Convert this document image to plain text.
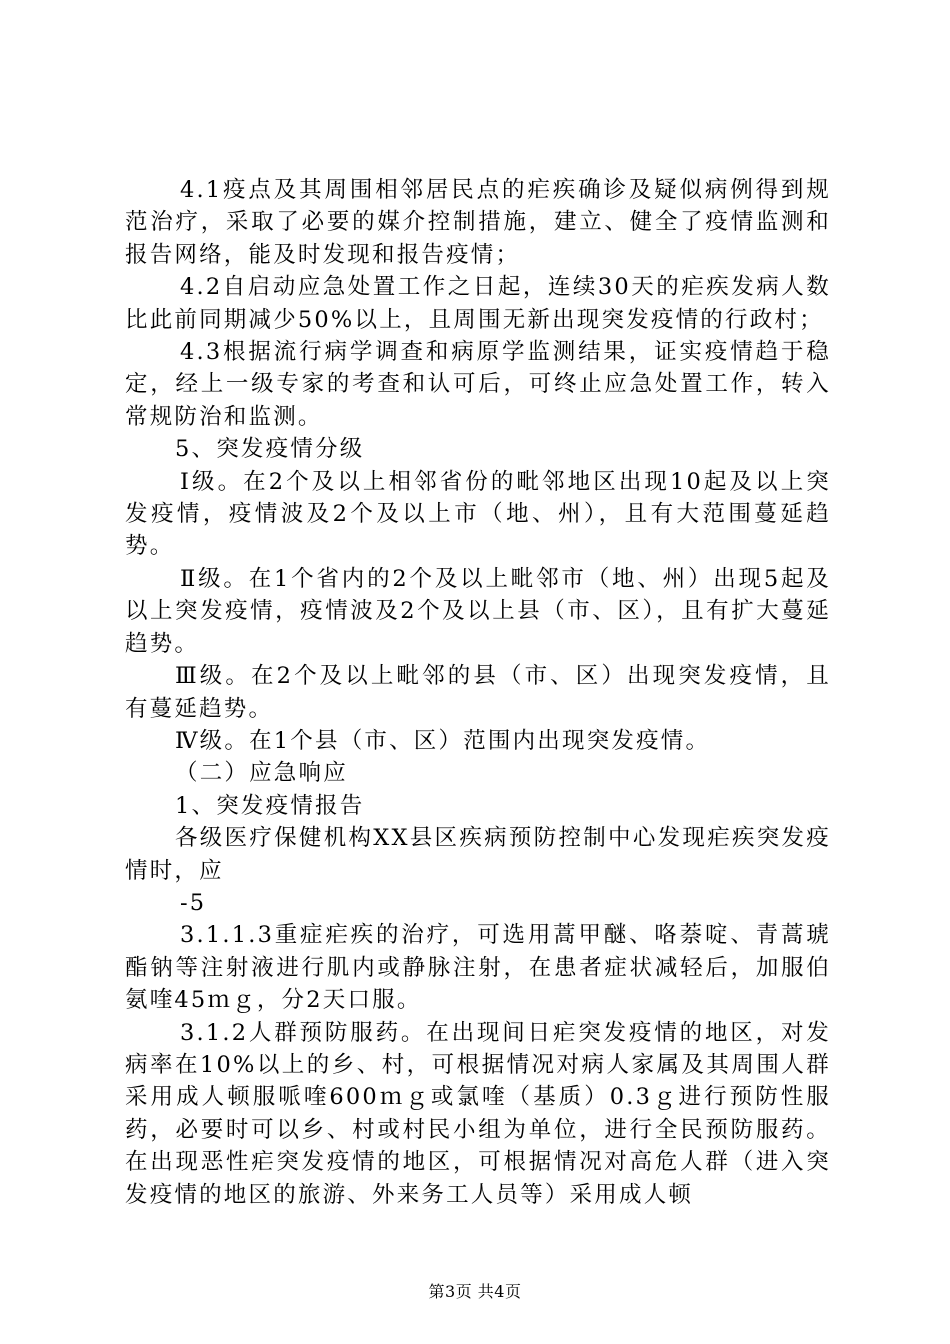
4.1疫点及其周围相邻居民点的疟疾确诊及疑似病例得到规范治疗，采取了必要的媒介控制措施，建立、健全了疫情监测和报告网络，能及时发现和报告疫情；

4.2自启动应急处置工作之日起，连续30天的疟疾发病人数比此前同期减少50%以上，且周围无新出现突发疫情的行政村；

4.3根据流行病学调查和病原学监测结果，证实疫情趋于稳定，经上一级专家的考查和认可后，可终止应急处置工作，转入常规防治和监测。

5、突发疫情分级

Ⅰ级。在2个及以上相邻省份的毗邻地区出现10起及以上突发疫情，疫情波及2个及以上市（地、州），且有大范围蔓延趋势。

Ⅱ级。在1个省内的2个及以上毗邻市（地、州）出现5起及以上突发疫情，疫情波及2个及以上县（市、区），且有扩大蔓延趋势。

Ⅲ级。在2个及以上毗邻的县（市、区）出现突发疫情，且有蔓延趋势。

Ⅳ级。在1个县（市、区）范围内出现突发疫情。

（二）应急响应

1、突发疫情报告

各级医疗保健机构XX县区疾病预防控制中心发现疟疾突发疫情时，应

-5

3.1.1.3重症疟疾的治疗，可选用蒿甲醚、咯萘啶、青蒿琥酯钠等注射液进行肌内或静脉注射，在患者症状减轻后，加服伯氨喹45ｍｇ，分2天口服。

3.1.2人群预防服药。在出现间日疟突发疫情的地区，对发病率在10%以上的乡、村，可根据情况对病人家属及其周围人群采用成人顿服哌喹600ｍｇ或氯喹（基质）0.3ｇ进行预防性服药，必要时可以乡、村或村民小组为单位，进行全民预防服药。在出现恶性疟突发疫情的地区，可根据情况对高危人群（进入突发疫情的地区的旅游、外来务工人员等）采用成人顿

第3页 共4页
